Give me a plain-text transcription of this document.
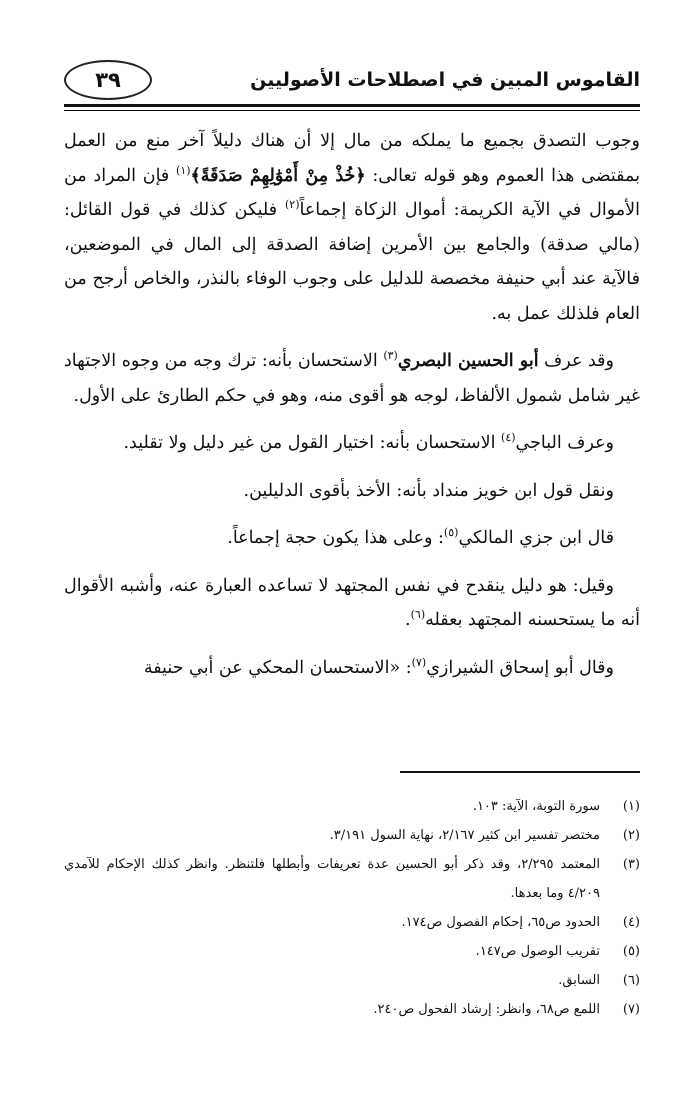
القاموس المبين في اصطلاحات الأصوليين
٣٩

وجوب التصدق بجميع ما يملكه من مال إلا أن هناك دليلاً آخر منع من العمل بمقتضى هذا العموم وهو قوله تعالى: ﴿خُذْ مِنْ أَمْوَٰلِهِمْ صَدَقَةً﴾$^{(١)}$ فإن المراد من الأموال في الآية الكريمة: أموال الزكاة إجماعاً$^{(٢)}$ فليكن كذلك في قول القائل: (مالي صدقة) والجامع بين الأمرين إضافة الصدقة إلى المال في الموضعين، فالآية عند أبي حنيفة مخصصة للدليل على وجوب الوفاء بالنذر، والخاص أرجح من العام فلذلك عمل به.

وقد عرف أبو الحسين البصري$^{(٣)}$ الاستحسان بأنه: ترك وجه من وجوه الاجتهاد غير شامل شمول الألفاظ، لوجه هو أقوى منه، وهو في حكم الطارئ على الأول.

وعرف الباجي$^{(٤)}$ الاستحسان بأنه: اختيار القول من غير دليل ولا تقليد.

ونقل قول ابن خويز منداد بأنه: الأخذ بأقوى الدليلين.

قال ابن جزي المالكي$^{(٥)}$: وعلى هذا يكون حجة إجماعاً.

وقيل: هو دليل ينقدح في نفس المجتهد لا تساعده العبارة عنه، وأشبه الأقوال أنه ما يستحسنه المجتهد بعقله$^{(٦)}$.

وقال أبو إسحاق الشيرازي$^{(٧)}$: «الاستحسان المحكي عن أبي حنيفة

(١)
سورة التوبة، الآية: ١٠٣.
(٢)
مختصر تفسير ابن كثير ٢/١٦٧، نهاية السول ٣/١٩١.
(٣)
المعتمد ٢/٢٩٥، وقد ذكر أبو الحسين عدة تعريفات وأبطلها فلتنظر. وانظر كذلك الإحكام للآمدي ٤/٢٠٩ وما بعدها.
(٤)
الحدود ص٦٥، إحكام الفصول ص١٧٤.
(٥)
تقريب الوصول ص١٤٧.
(٦)
السابق.
(٧)
اللمع ص٦٨، وانظر: إرشاد الفحول ص٢٤٠.
